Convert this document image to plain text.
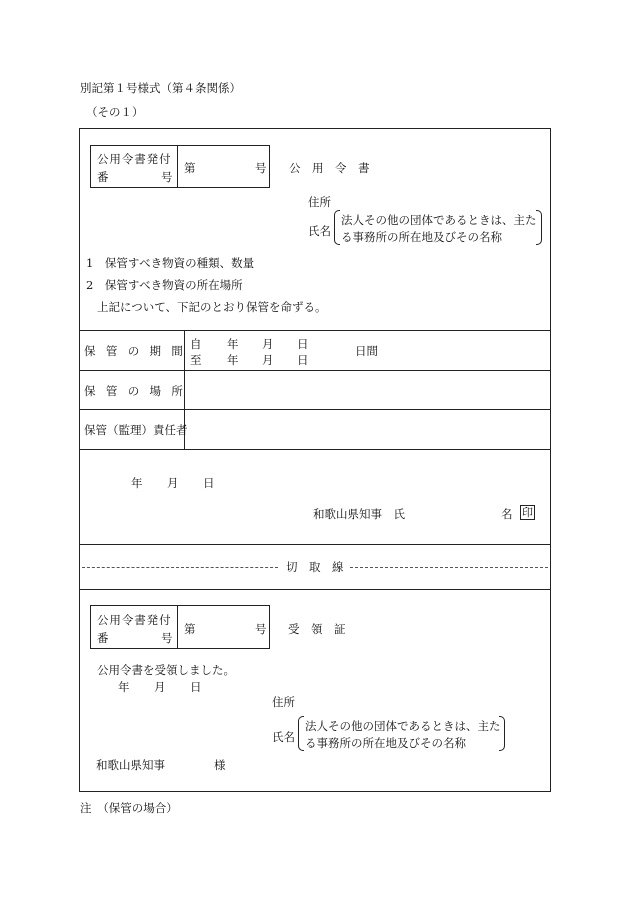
別記第１号様式（第４条関係）
（その１）
公用令書発付
番	号
第	号 公　用　令　書
住所
氏名
法人その他の団体であるときは、主た
る事務所の所在地及びその名称
1　保管すべき物資の種類、数量
2　保管すべき物資の所在場所
上記について、下記のとおり保管を命ずる。
保管の期間
自 年 月 日
至 年 月 日
日間
保管の場所
保管（監理）責任者
年 月 日
和歌山県知事　氏	名 印
切　取　線
公用令書発付
番	号
第	号 受　領　証
公用令書を受領しました。
年 月 日
住所
氏名
法人その他の団体であるときは、主た
る事務所の所在地及びその名称
和歌山県知事	様
注　（保管の場合）
